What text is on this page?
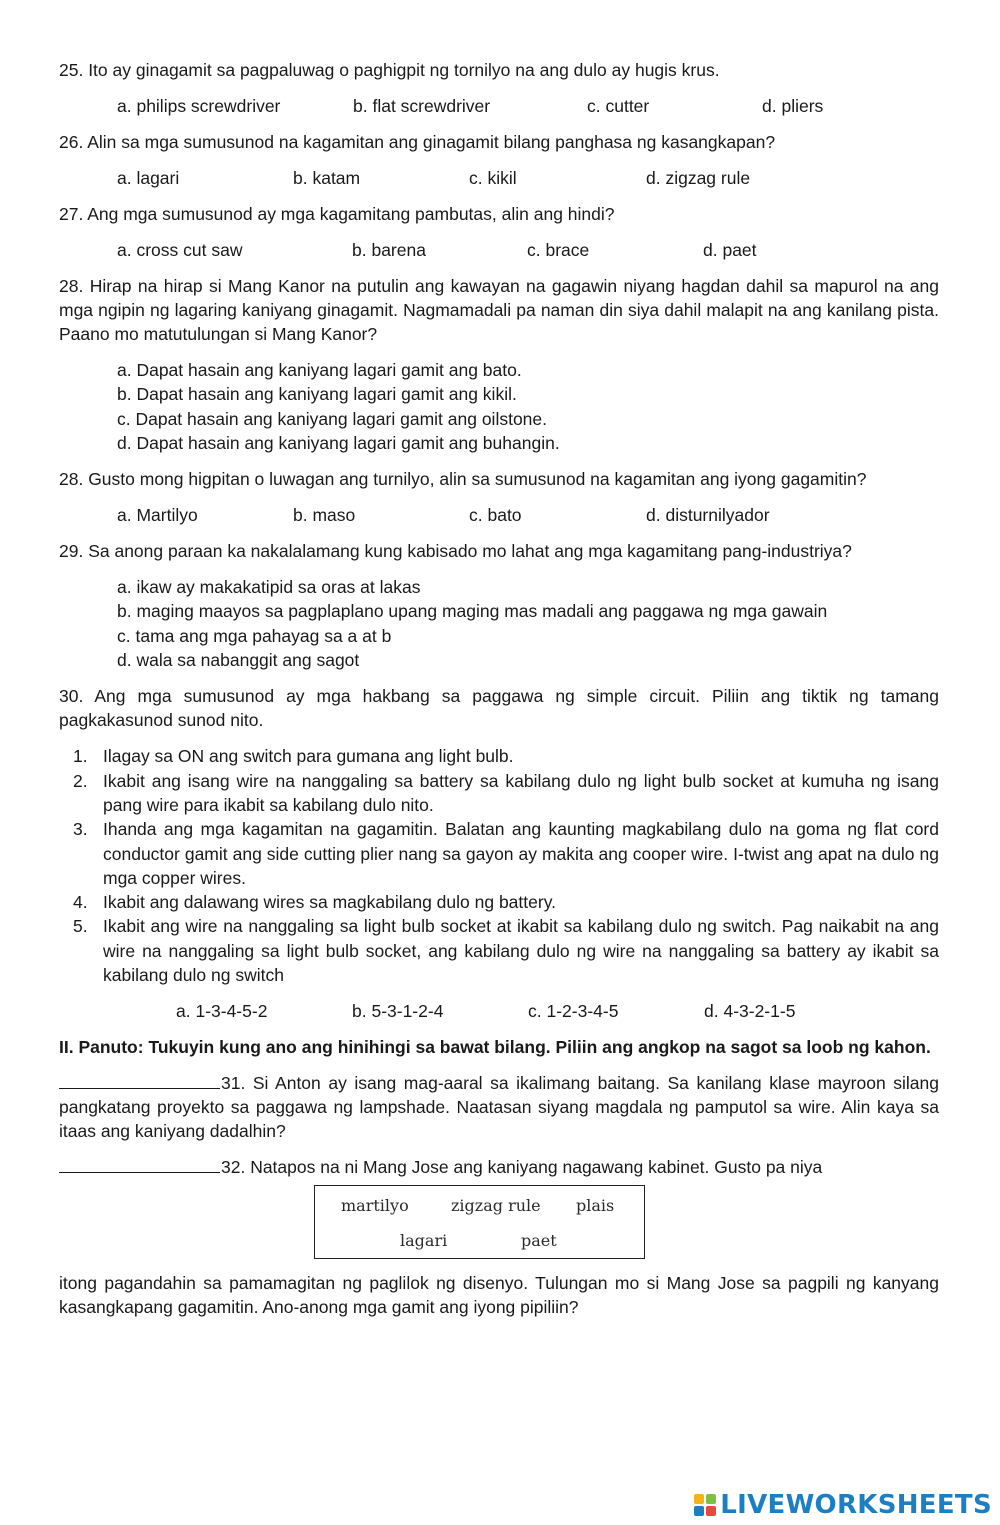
25. Ito ay ginagamit sa pagpaluwag o paghigpit ng tornilyo na ang dulo ay hugis krus.

a. philips screwdriver	b. flat screwdriver	c. cutter	d. pliers

26. Alin sa mga sumusunod na kagamitan ang ginagamit bilang panghasa ng kasangkapan?

a. lagari	b. katam	c. kikil	d. zigzag rule

27. Ang mga sumusunod ay mga kagamitang pambutas, alin ang hindi?

a. cross cut saw	b. barena	c. brace	d. paet

28. Hirap na hirap si Mang Kanor na putulin ang kawayan na gagawin niyang hagdan dahil sa mapurol na ang mga ngipin ng lagaring kaniyang ginagamit. Nagmamadali pa naman din siya dahil malapit na ang kanilang pista. Paano mo matutulungan si Mang Kanor?

a. Dapat hasain ang kaniyang lagari gamit ang bato.
b. Dapat hasain ang kaniyang lagari gamit ang kikil.
c. Dapat hasain ang kaniyang lagari gamit ang oilstone.
d. Dapat hasain ang kaniyang lagari gamit ang buhangin.

28. Gusto mong higpitan o luwagan ang turnilyo, alin sa sumusunod na kagamitan ang iyong gagamitin?

a. Martilyo	b. maso	c. bato	d. disturnilyador

29. Sa anong paraan ka nakalalamang kung kabisado mo lahat ang mga kagamitang pang-industriya?

a. ikaw ay makakatipid sa oras at lakas
b. maging maayos sa pagplaplano upang maging mas madali ang paggawa ng mga gawain
c. tama ang mga pahayag sa a at b
d. wala sa nabanggit ang sagot

30. Ang mga sumusunod ay mga hakbang sa paggawa ng simple circuit. Piliin ang tiktik ng tamang pagkakasunod sunod nito.

1. Ilagay sa ON ang switch para gumana ang light bulb.
2. Ikabit ang isang wire na nanggaling sa battery sa kabilang dulo ng light bulb socket at kumuha ng isang pang wire para ikabit sa kabilang dulo nito.
3. Ihanda ang mga kagamitan na gagamitin. Balatan ang kaunting magkabilang dulo na goma ng flat cord conductor gamit ang side cutting plier nang sa gayon ay makita ang cooper wire. I-twist ang apat na dulo ng mga copper wires.
4. Ikabit ang dalawang wires sa magkabilang dulo ng battery.
5. Ikabit ang wire na nanggaling sa light bulb socket at ikabit sa kabilang dulo ng switch. Pag naikabit na ang wire na nanggaling sa light bulb socket, ang kabilang dulo ng wire na nanggaling sa battery ay ikabit sa kabilang dulo ng switch
a. 1-3-4-5-2	b. 5-3-1-2-4	c. 1-2-3-4-5	d. 4-3-2-1-5

II. Panuto: Tukuyin kung ano ang hinihingi sa bawat bilang. Piliin ang angkop na sagot sa loob ng kahon.

31. Si Anton ay isang mag-aaral sa ikalimang baitang. Sa kanilang klase mayroon silang pangkatang proyekto sa paggawa ng lampshade. Naatasan siyang magdala ng pamputol sa wire. Alin kaya sa itaas ang kaniyang dadalhin?

32. Natapos na ni Mang Jose ang kaniyang nagawang kabinet. Gusto pa niya

martilyo	zigzag rule plais
lagari	paet

itong pagandahin sa pamamagitan ng paglilok ng disenyo. Tulungan mo si Mang Jose sa pagpili ng kanyang kasangkapang gagamitin. Ano-anong mga gamit ang iyong pipiliin?

LIVEWORKSHEETS
